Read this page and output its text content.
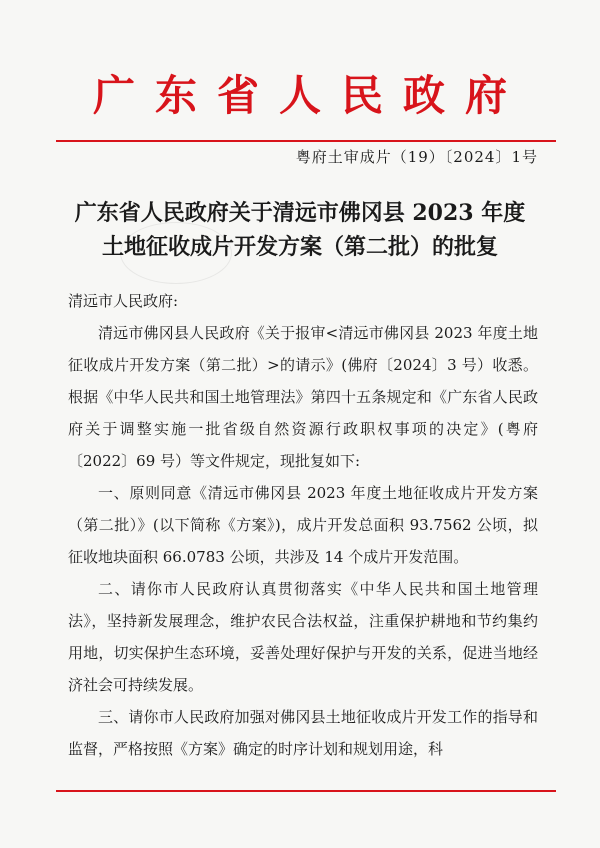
广东省人民政府
粤府土审成片（19）〔2024〕1号
广东省人民政府关于清远市佛冈县 2023 年度
土地征收成片开发方案（第二批）的批复

清远市人民政府:

清远市佛冈县人民政府《关于报审<清远市佛冈县 2023 年度土地征收成片开发方案（第二批）>的请示》(佛府〔2024〕3 号）收悉。根据《中华人民共和国土地管理法》第四十五条规定和《广东省人民政府关于调整实施一批省级自然资源行政职权事项的决定》(粤府〔2022〕69 号）等文件规定，现批复如下:

一、原则同意《清远市佛冈县 2023 年度土地征收成片开发方案（第二批）》(以下简称《方案》)，成片开发总面积 93.7562 公顷，拟征收地块面积 66.0783 公顷，共涉及 14 个成片开发范围。

二、请你市人民政府认真贯彻落实《中华人民共和国土地管理法》，坚持新发展理念，维护农民合法权益，注重保护耕地和节约集约用地，切实保护生态环境，妥善处理好保护与开发的关系，促进当地经济社会可持续发展。

三、请你市人民政府加强对佛冈县土地征收成片开发工作的指导和监督，严格按照《方案》确定的时序计划和规划用途，科
